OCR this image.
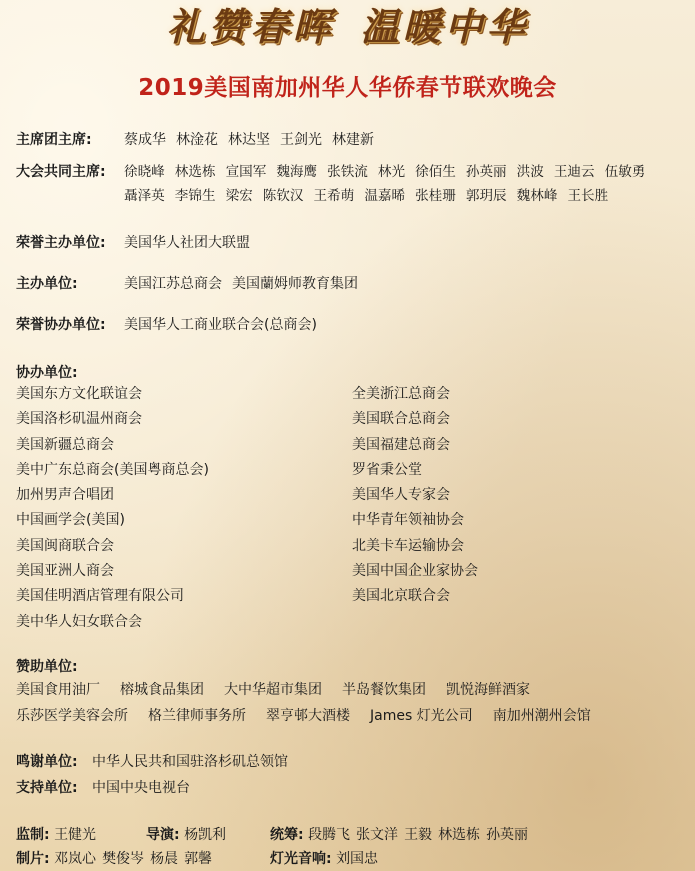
礼赞春晖 温暖中华
2019美国南加州华人华侨春节联欢晚会
主席团主席: 蔡成华 林淦花 林达坚 王剑光 林建新
大会共同主席: 徐晓峰 林选栋 宣国军 魏海鹰 张铁流 林光 徐佰生 孙英丽 洪波 王迪云 伍敏勇
聶泽英 李锦生 梁宏 陈钦汉 王希萌 温嘉晞 张桂珊 郭玥辰 魏林峰 王长胜
荣誉主办单位: 美国华人社团大联盟
主办单位:	美国江苏总商会 美国蘭姆师教育集团
荣誉协办单位: 美国华人工商业联合会(总商会)
协办单位:
美国东方文化联谊会
美国洛杉矶温州商会
美国新疆总商会
美中广东总商会(美国粤商总会)
加州男声合唱团
中国画学会(美国)
美国闽商联合会
美国亚洲人商会
美国佳明酒店管理有限公司
美中华人妇女联合会
全美浙江总商会
美国联合总商会
美国福建总商会
罗省秉公堂
美国华人专家会
中华青年领袖协会
北美卡车运输协会
美国中国企业家协会
美国北京联合会
赞助单位:
美国食用油厂 榕城食品集团 大中华超市集团 半岛餐饮集团 凯悦海鲜酒家
乐莎医学美容会所 格兰律师事务所 翠亨邨大酒楼 James 灯光公司 南加州潮州会馆
鸣谢单位: 中华人民共和国驻洛杉矶总领馆
支持单位: 中国中央电视台
监制: 王健光	导演: 杨凯利	统筹: 段腾飞 张文洋 王毅 林选栋 孙英丽
制片: 邓岚心 樊俊岑 杨晨 郭馨	灯光音响: 刘国忠
